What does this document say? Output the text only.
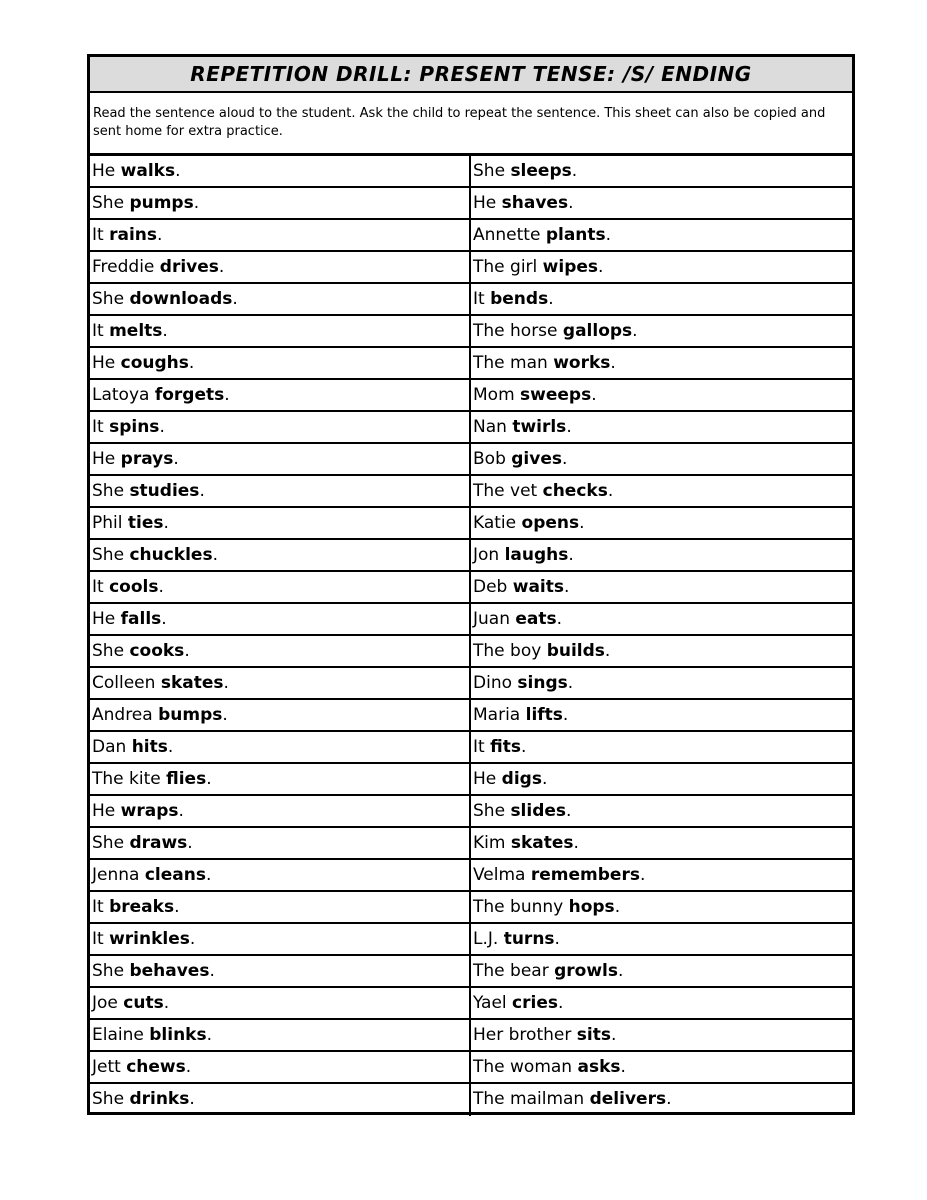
REPETITION DRILL: PRESENT TENSE: /S/ ENDING
Read the sentence aloud to the student. Ask the child to repeat the sentence. This sheet can also be copied and sent home for extra practice.
He walks.	She sleeps.
She pumps.	He shaves.
It rains.	Annette plants.
Freddie drives.	The girl wipes.
She downloads.	It bends.
It melts.	The horse gallops.
He coughs.	The man works.
Latoya forgets.	Mom sweeps.
It spins.	Nan twirls.
He prays.	Bob gives.
She studies.	The vet checks.
Phil ties.	Katie opens.
She chuckles.	Jon laughs.
It cools.	Deb waits.
He falls.	Juan eats.
She cooks.	The boy builds.
Colleen skates.	Dino sings.
Andrea bumps.	Maria lifts.
Dan hits.	It fits.
The kite flies.	He digs.
He wraps.	She slides.
She draws.	Kim skates.
Jenna cleans.	Velma remembers.
It breaks.	The bunny hops.
It wrinkles.	L.J. turns.
She behaves.	The bear growls.
Joe cuts.	Yael cries.
Elaine blinks.	Her brother sits.
Jett chews.	The woman asks.
She drinks.	The mailman delivers.
